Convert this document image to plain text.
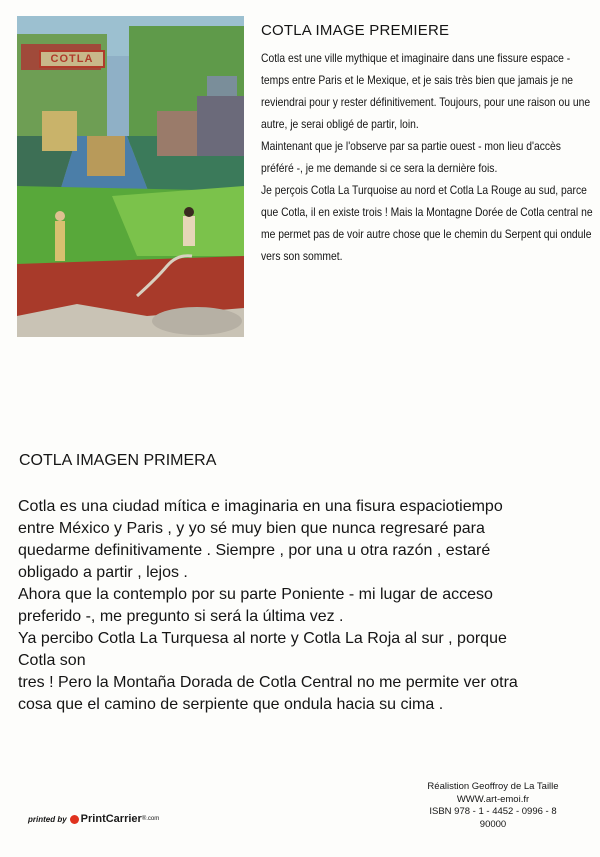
COTLA
COTLA IMAGE PREMIERE

Cotla est une ville mythique et imaginaire dans une fissure espace -temps entre Paris et le Mexique, et je sais très bien que jamais je ne reviendrai pour y rester définitivement. Toujours, pour une raison ou une autre, je serai obligé de partir, loin.

Maintenant que je l'observe par sa partie ouest - mon lieu d'accès préféré -, je me demande si ce sera la dernière fois.

Je perçois Cotla La Turquoise au nord et Cotla La Rouge au sud, parce que Cotla, il en existe trois ! Mais la Montagne Dorée de Cotla central ne me permet pas de voir autre chose que le chemin du Serpent qui ondule vers son sommet.

COTLA IMAGEN PRIMERA

Cotla es una ciudad mítica e imaginaria en una fisura espaciotiempo

entre México y Paris , y yo sé muy bien que nunca regresaré para

quedarme definitivamente . Siempre , por una u otra razón , estaré

obligado a partir , lejos .

Ahora que la contemplo por su parte Poniente - mi lugar de acceso

preferido -, me pregunto si será la última vez .

Ya percibo Cotla La Turquesa al norte y Cotla La Roja al sur , porque

Cotla son

tres ! Pero la Montaña Dorada de Cotla Central no me permite ver otra

cosa que el camino de serpiente que ondula hacia su cima .

printed by PrintCarrier ®.com
Réalistion Geoffroy de La Taille
WWW.art-emoi.fr
ISBN 978 - 1 - 4452 - 0996 - 8
90000
